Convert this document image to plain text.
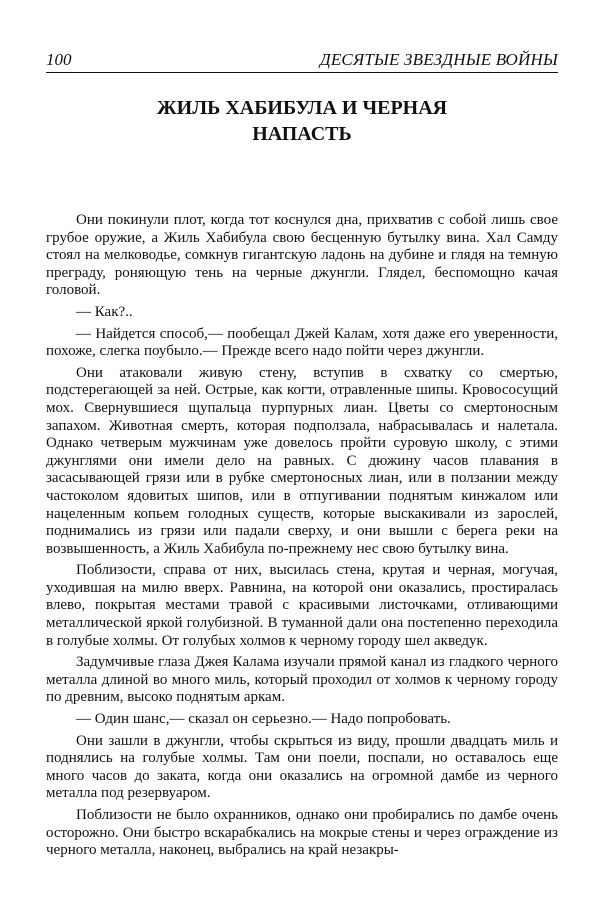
100	ДЕСЯТЫЕ ЗВЕЗДНЫЕ ВОЙНЫ
ЖИЛЬ ХАБИБУЛА И ЧЕРНАЯ
НАПАСТЬ

Они покинули плот, когда тот коснулся дна, прихватив с собой лишь свое грубое оружие, а Жиль Хабибула свою бесценную бутылку вина. Хал Самду стоял на мелководье, сомкнув гигантскую ладонь на дубине и глядя на темную преграду, роняющую тень на черные джунгли. Глядел, беспомощно качая головой.

— Как?..

— Найдется способ,— пообещал Джей Калам, хотя даже его уверенности, похоже, слегка поубыло.— Прежде всего надо пойти через джунгли.

Они атаковали живую стену, вступив в схватку со смертью, подстерегающей за ней. Острые, как когти, отравленные шипы. Кровососущий мох. Свернувшиеся щупальца пурпурных лиан. Цветы со смертоносным запахом. Животная смерть, которая подползала, набрасывалась и налетала. Однако четверым мужчинам уже довелось пройти суровую школу, с этими джунглями они имели дело на равных. С дюжину часов плавания в засасывающей грязи или в рубке смертоносных лиан, или в ползании между частоколом ядовитых шипов, или в отпугивании поднятым кинжалом или нацеленным копьем голодных существ, которые выскакивали из зарослей, поднимались из грязи или падали сверху, и они вышли с берега реки на возвышенность, а Жиль Хабибула по-прежнему нес свою бутылку вина.

Поблизости, справа от них, высилась стена, крутая и черная, могучая, уходившая на милю вверх. Равнина, на которой они оказались, простиралась влево, покрытая местами травой с красивыми листочками, отливающими металлической яркой голубизной. В туманной дали она постепенно переходила в голубые холмы. От голубых холмов к черному городу шел акведук.

Задумчивые глаза Джея Калама изучали прямой канал из гладкого черного металла длиной во много миль, который проходил от холмов к черному городу по древним, высоко поднятым аркам.

— Один шанс,— сказал он серьезно.— Надо попробовать.

Они зашли в джунгли, чтобы скрыться из виду, прошли двадцать миль и поднялись на голубые холмы. Там они поели, поспали, но оставалось еще много часов до заката, когда они оказались на огромной дамбе из черного металла под резервуаром.

Поблизости не было охранников, однако они пробирались по дамбе очень осторожно. Они быстро вскарабкались на мокрые стены и через ограждение из черного металла, наконец, выбрались на край незакры-
